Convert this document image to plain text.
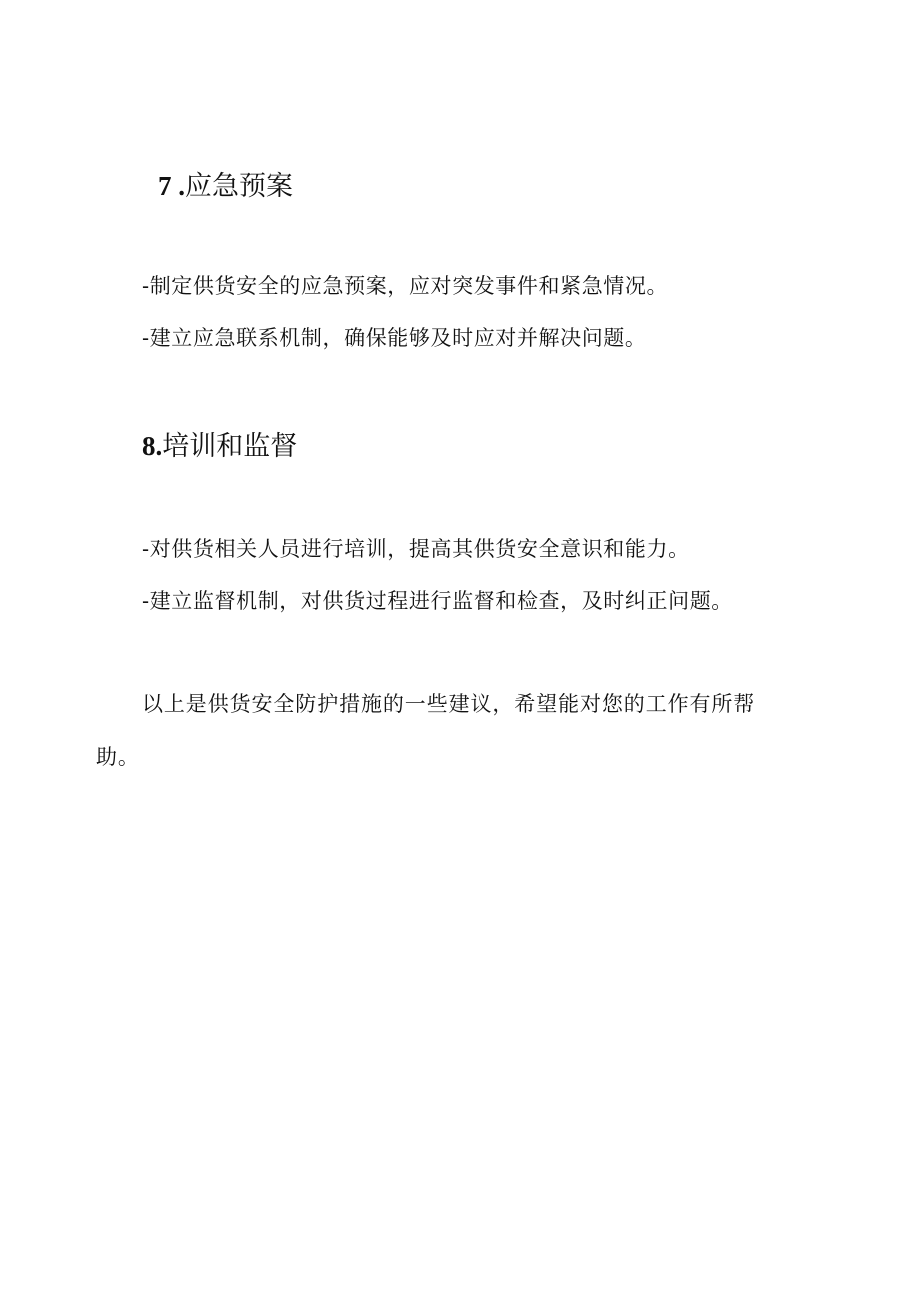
7 .应急预案

-制定供货安全的应急预案，应对突发事件和紧急情况。

-建立应急联系机制，确保能够及时应对并解决问题。

8.培训和监督

-对供货相关人员进行培训，提高其供货安全意识和能力。

-建立监督机制，对供货过程进行监督和检查，及时纠正问题。

以上是供货安全防护措施的一些建议，希望能对您的工作有所帮助。
